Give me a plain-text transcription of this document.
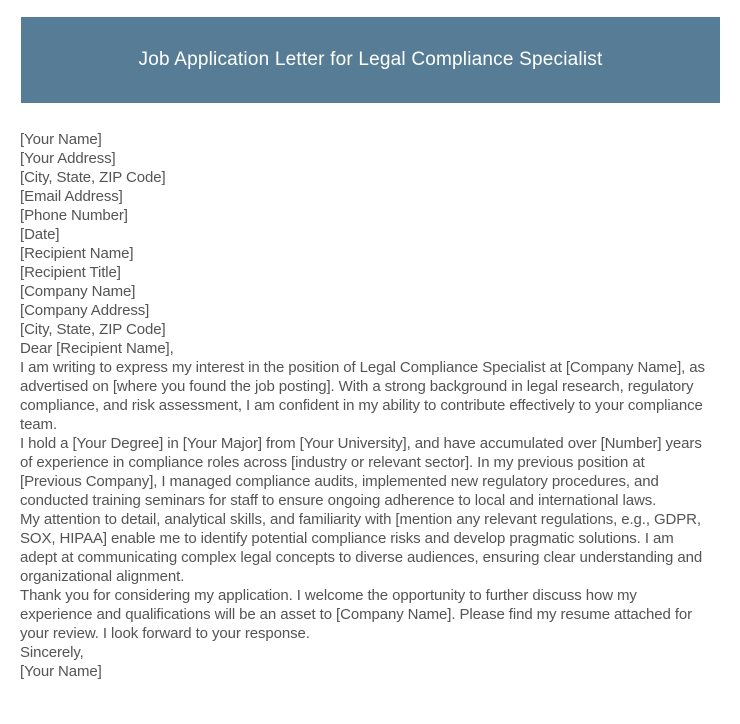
Job Application Letter for Legal Compliance Specialist
[Your Name]
[Your Address]
[City, State, ZIP Code]
[Email Address]
[Phone Number]
[Date]
[Recipient Name]
[Recipient Title]
[Company Name]
[Company Address]
[City, State, ZIP Code]
Dear [Recipient Name],
I am writing to express my interest in the position of Legal Compliance Specialist at [Company Name], as advertised on [where you found the job posting]. With a strong background in legal research, regulatory compliance, and risk assessment, I am confident in my ability to contribute effectively to your compliance team.
I hold a [Your Degree] in [Your Major] from [Your University], and have accumulated over [Number] years of experience in compliance roles across [industry or relevant sector]. In my previous position at [Previous Company], I managed compliance audits, implemented new regulatory procedures, and conducted training seminars for staff to ensure ongoing adherence to local and international laws.
My attention to detail, analytical skills, and familiarity with [mention any relevant regulations, e.g., GDPR, SOX, HIPAA] enable me to identify potential compliance risks and develop pragmatic solutions. I am adept at communicating complex legal concepts to diverse audiences, ensuring clear understanding and organizational alignment.
Thank you for considering my application. I welcome the opportunity to further discuss how my experience and qualifications will be an asset to [Company Name]. Please find my resume attached for your review. I look forward to your response.
Sincerely,
[Your Name]
